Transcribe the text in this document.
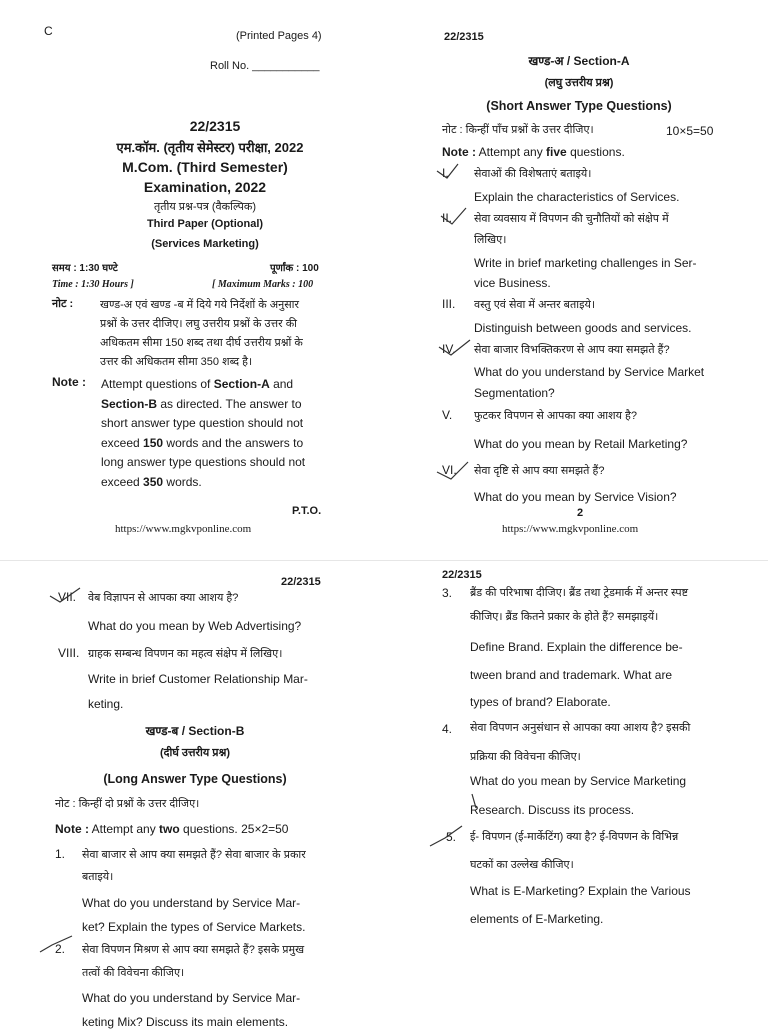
C	(Printed Pages 4)
Roll No. ___________
22/2315
एम.कॉम. (तृतीय सेमेस्टर) परीक्षा, 2022
M.Com. (Third Semester)
Examination, 2022
तृतीय प्रश्न-पत्र (वैकल्पिक)
Third Paper (Optional)
(Services Marketing)
समय : 1:30 घण्टे	पूर्णांक : 100
Time : 1:30 Hours ]	[ Maximum Marks : 100
नोट : खण्ड-अ एवं खण्ड -ब में दिये गये निर्देशों के अनुसार
प्रश्नों के उत्तर दीजिए। लघु उत्तरीय प्रश्नों के उत्तर की
अधिकतम सीमा 150 शब्द तथा दीर्घ उत्तरीय प्रश्नों के
उत्तर की अधिकतम सीमा 350 शब्द है।
Note : Attempt questions of Section-A and
Section-B as directed. The answer to
short answer type question should not
exceed 150 words and the answers to
long answer type questions should not
exceed 350 words.
P.T.O.
https://www.mgkvponline.com
22/2315
खण्ड-अ / Section-A
(लघु उत्तरीय प्रश्न)
(Short Answer Type Questions)
नोट : किन्हीं पाँच प्रश्नों के उत्तर दीजिए।	10×5=50
Note : Attempt any five questions.
I. सेवाओं की विशेषताएं बताइये।
Explain the characteristics of Services.
II. सेवा व्यवसाय में विपणन की चुनौतियों को संक्षेप में
लिखिए।
Write in brief marketing challenges in Ser-
vice Business.
III. वस्तु एवं सेवा में अन्तर बताइये।
Distinguish between goods and services.
IV. सेवा बाजार विभक्तिकरण से आप क्या समझते हैं?
What do you understand by Service Market
Segmentation?
V. फुटकर विपणन से आपका क्या आशय है?
What do you mean by Retail Marketing?
VI. सेवा दृष्टि से आप क्या समझते हैं?
What do you mean by Service Vision?
2
https://www.mgkvponline.com
22/2315
VII. वेब विज्ञापन से आपका क्या आशय है?
What do you mean by Web Advertising?
VIII. ग्राहक सम्बन्ध विपणन का महत्व संक्षेप में लिखिए।
Write in brief Customer Relationship Mar-
keting.
खण्ड-ब / Section-B
(दीर्घ उत्तरीय प्रश्न)
(Long Answer Type Questions)
नोट : किन्हीं दो प्रश्नों के उत्तर दीजिए।
Note : Attempt any two questions. 25×2=50
1. सेवा बाजार से आप क्या समझते हैं? सेवा बाजार के प्रकार
बताइये।
What do you understand by Service Mar-
ket? Explain the types of Service Markets.
2. सेवा विपणन मिश्रण से आप क्या समझते हैं? इसके प्रमुख
तत्वों की विवेचना कीजिए।
What do you understand by Service Mar-
keting Mix? Discuss its main elements.
22/2315
3. ब्रैंड की परिभाषा दीजिए। ब्रैंड तथा ट्रेडमार्क में अन्तर स्पष्ट
कीजिए। ब्रैंड कितने प्रकार के होते हैं? समझाइयें।
Define Brand. Explain the difference be-
tween brand and trademark. What are
types of brand? Elaborate.
4. सेवा विपणन अनुसंधान से आपका क्या आशय है? इसकी
प्रक्रिया की विवेचना कीजिए।
What do you mean by Service Marketing
Research. Discuss its process.
5. ई- विपणन (ई-मार्केटिंग) क्या है? ई-विपणन के विभिन्न
घटकों का उल्लेख कीजिए।
What is E-Marketing? Explain the Various
elements of E-Marketing.
